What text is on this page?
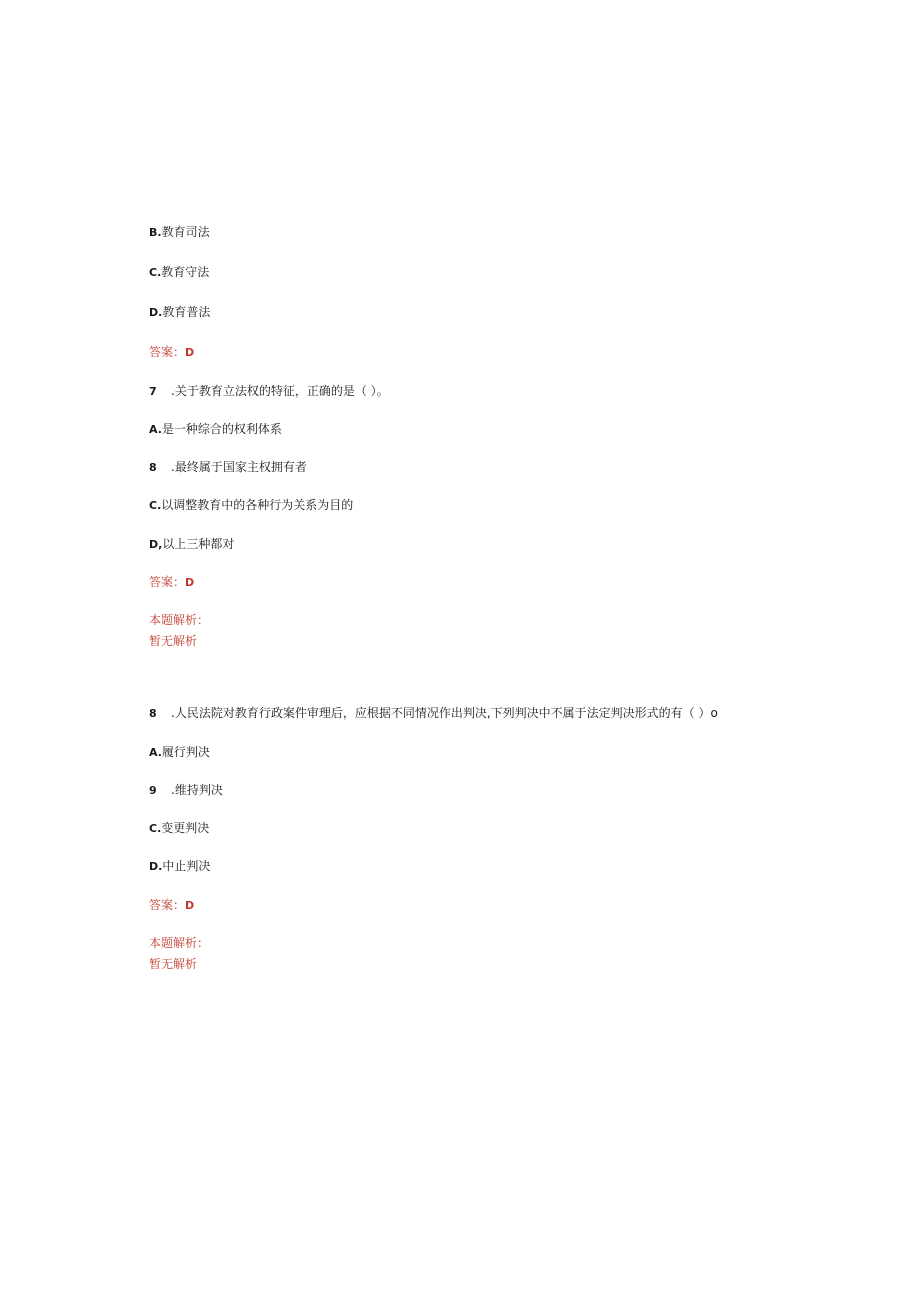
B.教育司法
C.教育守法
D.教育普法
答案：D
7 .关于教育立法权的特征，正确的是（ ）。
A.是一种综合的权利体系
8 .最终属于国家主权拥有者
C.以调整教育中的各种行为关系为目的
D,以上三种都对
答案：D
本题解析：
暂无解析
8 .人民法院对教育行政案件审理后，应根据不同情况作出判决,下列判决中不属于法定判决形式的有（ ）o
A.履行判决
9 .维持判决
C.变更判决
D.中止判决
答案：D
本题解析：
暂无解析
